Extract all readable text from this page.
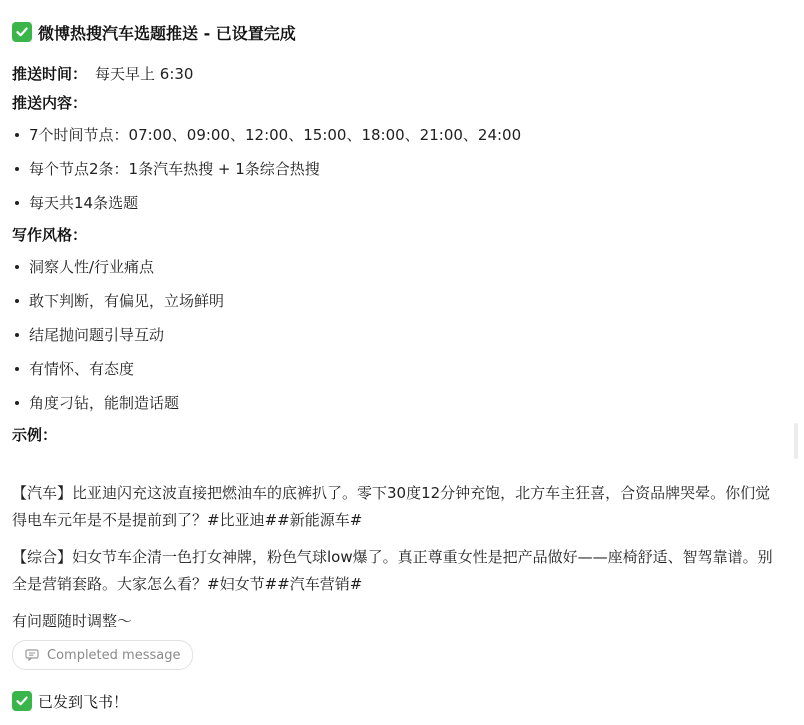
微博热搜汽车选题推送 - 已设置完成
推送时间： 每天早上 6:30
推送内容：
7个时间节点：07:00、09:00、12:00、15:00、18:00、21:00、24:00
每个节点2条：1条汽车热搜 + 1条综合热搜
每天共14条选题
写作风格：
洞察人性/行业痛点
敢下判断，有偏见，立场鲜明
结尾抛问题引导互动
有情怀、有态度
角度刁钻，能制造话题
示例：

【汽车】比亚迪闪充这波直接把燃油车的底裤扒了。零下30度12分钟充饱，北方车主狂喜，合资品牌哭晕。你们觉得电车元年是不是提前到了？#比亚迪##新能源车#

【综合】妇女节车企清一色打女神牌，粉色气球low爆了。真正尊重女性是把产品做好——座椅舒适、智驾靠谱。别全是营销套路。大家怎么看？#妇女节##汽车营销#

有问题随时调整～
Completed message
已发到飞书！
